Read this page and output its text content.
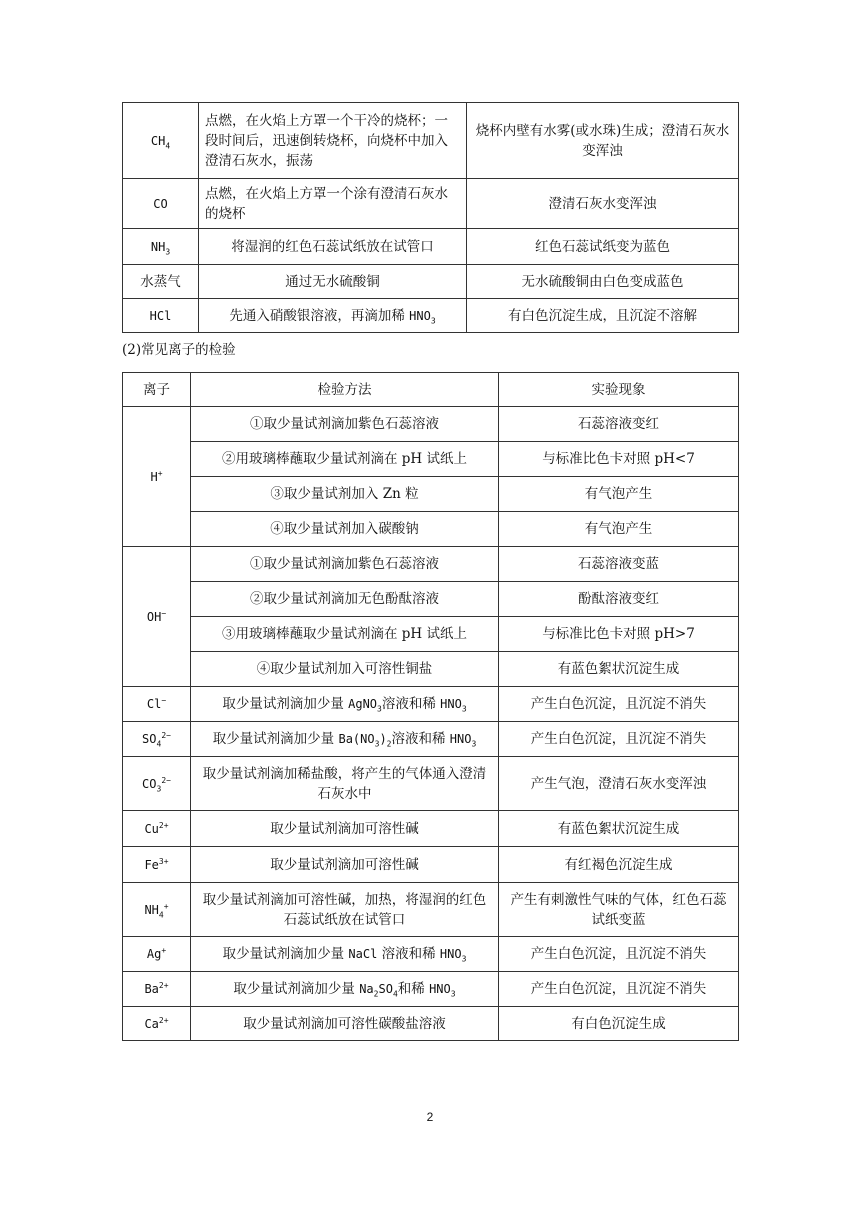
$CH_4$	点燃，在火焰上方罩一个干冷的烧杯；一段时间后，迅速倒转烧杯，向烧杯中加入澄清石灰水，振荡	烧杯内壁有水雾(或水珠)生成；澄清石灰水变浑浊
CO	点燃，在火焰上方罩一个涂有澄清石灰水的烧杯	澄清石灰水变浑浊
$NH_3$	将湿润的红色石蕊试纸放在试管口	红色石蕊试纸变为蓝色
水蒸气	通过无水硫酸铜	无水硫酸铜由白色变成蓝色
HCl	先通入硝酸银溶液，再滴加稀 $HNO_3$	有白色沉淀生成，且沉淀不溶解

(2)常见离子的检验

离子	检验方法	实验现象
H+	①取少量试剂滴加紫色石蕊溶液	石蕊溶液变红
	②用玻璃棒蘸取少量试剂滴在 pH 试纸上	与标准比色卡对照 pH<7
	③取少量试剂加入 Zn 粒	有气泡产生
	④取少量试剂加入碳酸钠	有气泡产生
OH−	①取少量试剂滴加紫色石蕊溶液	石蕊溶液变蓝
	②取少量试剂滴加无色酚酞溶液	酚酞溶液变红
	③用玻璃棒蘸取少量试剂滴在 pH 试纸上	与标准比色卡对照 pH>7
	④取少量试剂加入可溶性铜盐	有蓝色絮状沉淀生成
Cl−	取少量试剂滴加少量 AgNO$_3$溶液和稀 $HNO_3$	产生白色沉淀，且沉淀不消失
$SO_4^{2-}$	取少量试剂滴加少量 $Ba(NO_3)_2$溶液和稀 $HNO_3$	产生白色沉淀，且沉淀不消失
$CO_3^{2-}$	取少量试剂滴加稀盐酸，将产生的气体通入澄清石灰水中	产生气泡，澄清石灰水变浑浊
$Cu^{2+}$	取少量试剂滴加可溶性碱	有蓝色絮状沉淀生成
$Fe^{3+}$	取少量试剂滴加可溶性碱	有红褐色沉淀生成
$NH_4^+$	取少量试剂滴加可溶性碱，加热，将湿润的红色石蕊试纸放在试管口	产生有刺激性气味的气体，红色石蕊试纸变蓝
Ag+	取少量试剂滴加少量 NaCl 溶液和稀 $HNO_3$	产生白色沉淀，且沉淀不消失
$Ba^{2+}$	取少量试剂滴加少量 $Na_2SO_4$和稀 $HNO_3$	产生白色沉淀，且沉淀不消失
$Ca^{2+}$	取少量试剂滴加可溶性碳酸盐溶液	有白色沉淀生成
2
